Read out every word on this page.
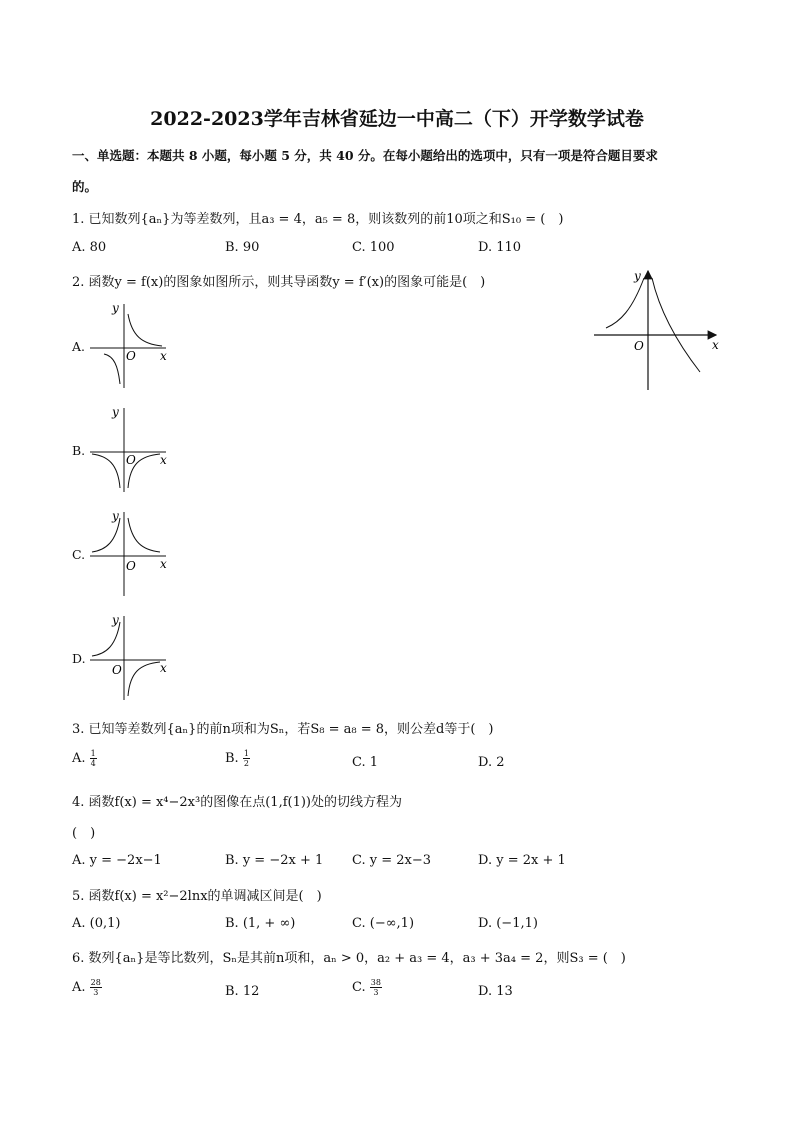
2022-2023学年吉林省延边一中高二（下）开学数学试卷
一、单选题：本题共 8 小题，每小题 5 分，共 40 分。在每小题给出的选项中，只有一项是符合题目要求
的。
1. 已知数列{aₙ}为等差数列，且a₃ = 4，a₅ = 8，则该数列的前10项之和S₁₀ = (　)
A. 80	B. 90	C. 100	D. 110
2. 函数y = f(x)的图象如图所示，则其导函数y = f′(x)的图象可能是(　)	y
x
O
A.
y
x
O
B.
y
x
O
C.
y
x
O
D.
y
x
O
3. 已知等差数列{aₙ}的前n项和为Sₙ，若S₈ = a₈ = 8，则公差d等于(　)
A. $\frac{1}{4}$	B. $\frac{1}{2}$	C. 1	D. 2
4. 函数f(x) = x⁴−2x³的图像在点(1,f(1))处的切线方程为
(　)
A. y = −2x−1	B. y = −2x + 1 C. y = 2x−3	D. y = 2x + 1
5. 函数f(x) = x²−2lnx的单调减区间是(　)
A. (0,1)	B. (1, + ∞)	C. (−∞,1)	D. (−1,1)
6. 数列{aₙ}是等比数列，Sₙ是其前n项和，aₙ > 0，a₂ + a₃ = 4，a₃ + 3a₄ = 2，则S₃ = (　)
A. $\frac{28}{3}$	B. 12	C. $\frac{38}{3}$	D. 13
